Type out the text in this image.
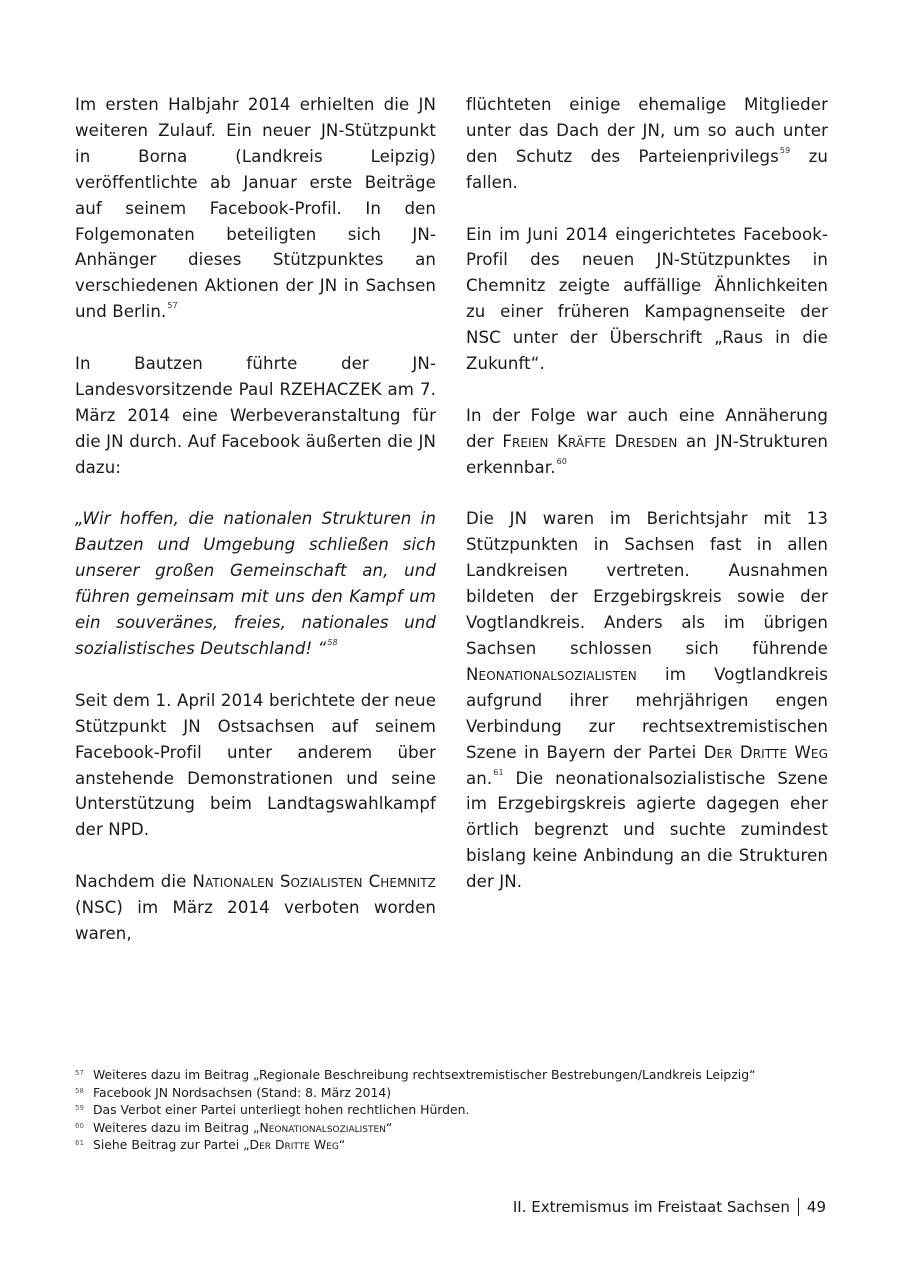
Im ersten Halbjahr 2014 erhielten die JN weiteren Zulauf. Ein neuer JN-Stützpunkt in Borna (Landkreis Leipzig) veröffentlichte ab Januar erste Beiträge auf seinem Facebook-Profil. In den Folgemonaten beteiligten sich JN-Anhänger dieses Stützpunktes an verschiedenen Aktionen der JN in Sachsen und Berlin.$^{57}$

In Bautzen führte der JN-Landesvorsitzende Paul RZEHACZEK am 7. März 2014 eine Werbeveranstaltung für die JN durch. Auf Facebook äußerten die JN dazu:

„Wir hoffen, die nationalen Strukturen in Bautzen und Umgebung schließen sich unserer großen Gemeinschaft an, und führen gemeinsam mit uns den Kampf um ein souveränes, freies, nationales und sozialistisches Deutschland! “$^{58}$

Seit dem 1. April 2014 berichtete der neue Stützpunkt JN Ostsachsen auf seinem Facebook-Profil unter anderem über anstehende Demonstrationen und seine Unterstützung beim Landtagswahlkampf der NPD.

Nachdem die Nationalen Sozialisten Chemnitz (NSC) im März 2014 verboten worden waren,

flüchteten einige ehemalige Mitglieder unter das Dach der JN, um so auch unter den Schutz des Parteienprivilegs$^{59}$ zu fallen.

Ein im Juni 2014 eingerichtetes Facebook-Profil des neuen JN-Stützpunktes in Chemnitz zeigte auffällige Ähnlichkeiten zu einer früheren Kampagnenseite der NSC unter der Überschrift „Raus in die Zukunft“.

In der Folge war auch eine Annäherung der Freien Kräfte Dresden an JN-Strukturen erkennbar.$^{60}$

Die JN waren im Berichtsjahr mit 13 Stützpunkten in Sachsen fast in allen Landkreisen vertreten. Ausnahmen bildeten der Erzgebirgskreis sowie der Vogtlandkreis. Anders als im übrigen Sachsen schlossen sich führende Neonationalsozialisten im Vogtlandkreis aufgrund ihrer mehrjährigen engen Verbindung zur rechtsextremistischen Szene in Bayern der Partei Der Dritte Weg an.$^{61}$ Die neonationalsozialistische Szene im Erzgebirgskreis agierte dagegen eher örtlich begrenzt und suchte zumindest bislang keine Anbindung an die Strukturen der JN.

57 Weiteres dazu im Beitrag „Regionale Beschreibung rechtsextremistischer Bestrebungen/Landkreis Leipzig“
58 Facebook JN Nordsachsen (Stand: 8. März 2014)
59 Das Verbot einer Partei unterliegt hohen rechtlichen Hürden.
60 Weiteres dazu im Beitrag „Neonationalsozialisten“
61 Siehe Beitrag zur Partei „Der Dritte Weg“
II. Extremismus im Freistaat Sachsen 49
